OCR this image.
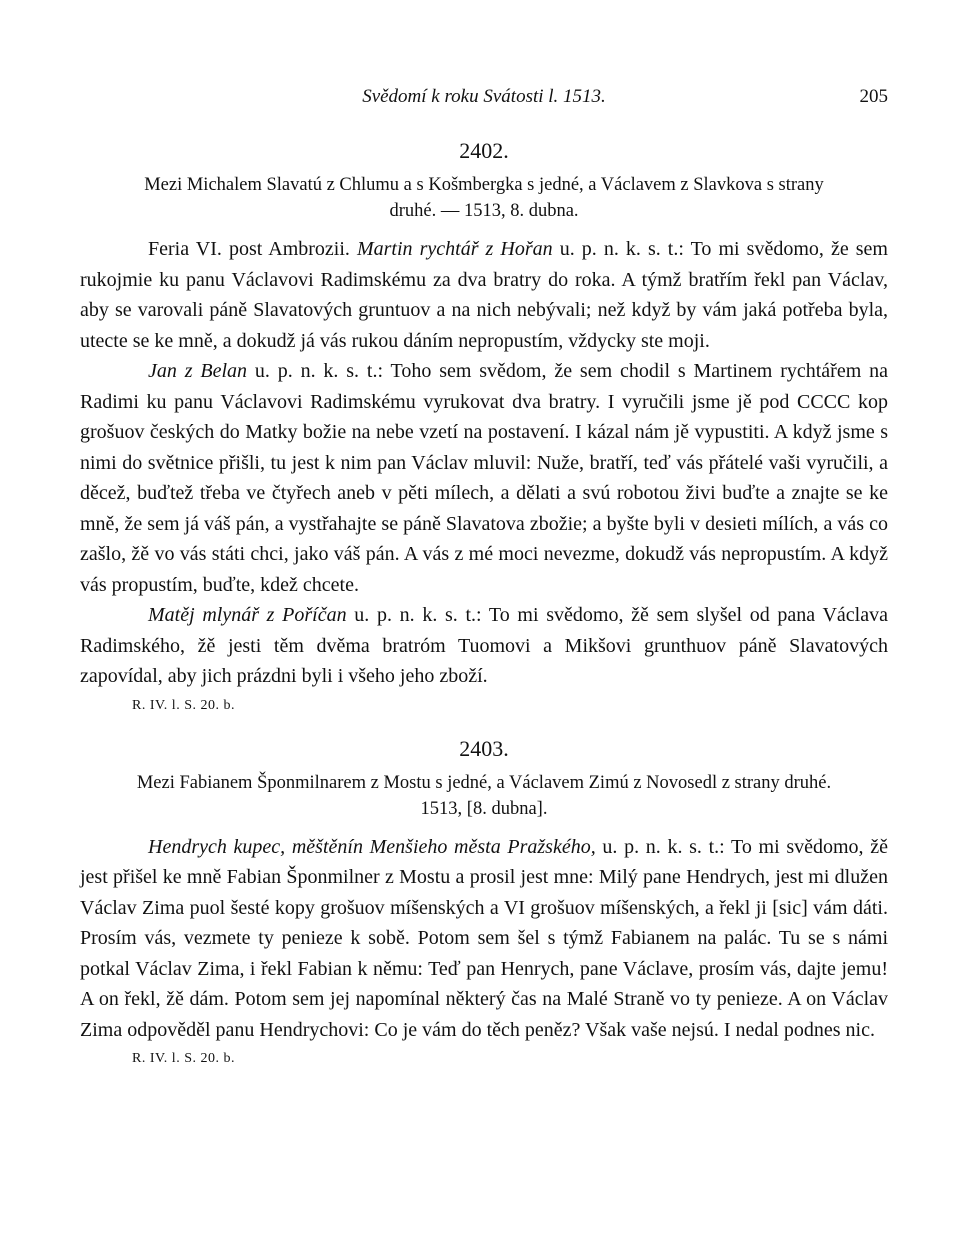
Svědomí k roku Svátosti l. 1513.	205
2402.
Mezi Michalem Slavatú z Chlumu a s Košmbergka s jedné, a Václavem z Slavkova s strany
druhé. — 1513, 8. dubna.

Feria VI. post Ambrozii. Martin rychtář z Hořan u. p. n. k. s. t.: To mi svědomo, že sem rukojmie ku panu Václavovi Radimskému za dva bratry do roka. A týmž bratřím řekl pan Václav, aby se varovali páně Slavatových gruntuov a na nich nebývali; než když by vám jaká potřeba byla, utecte se ke mně, a dokudž já vás rukou dáním nepropustím, vždycky ste moji.

Jan z Belan u. p. n. k. s. t.: Toho sem svědom, že sem chodil s Martinem rychtářem na Radimi ku panu Václavovi Radimskému vyrukovat dva bratry. I vyručili jsme jě pod CCCC kop grošuov českých do Matky božie na nebe vzetí na postavení. I kázal nám jě vypustiti. A když jsme s nimi do světnice přišli, tu jest k nim pan Václav mluvil: Nuže, bratří, teď vás přátelé vaši vyručili, a děcež, buďtež třeba ve čtyřech aneb v pěti mílech, a dělati a svú robotou živi buďte a znajte se ke mně, že sem já váš pán, a vystřahajte se páně Slavatova zbožie; a byšte byli v desieti mílích, a vás co zašlo, žě vo vás státi chci, jako váš pán. A vás z mé moci nevezme, dokudž vás nepropustím. A když vás propustím, buďte, kdež chcete.

Matěj mlynář z Poříčan u. p. n. k. s. t.: To mi svědomo, žě sem slyšel od pana Václava Radimského, žě jesti těm dvěma bratróm Tuomovi a Mikšovi grunthuov páně Slavatových zapovídal, aby jich prázdni byli i všeho jeho zboží.

R. IV. l. S. 20. b.
2403.
Mezi Fabianem Šponmilnarem z Mostu s jedné, a Václavem Zimú z Novosedl z strany druhé.
1513, [8. dubna].

Hendrych kupec, měštěnín Menšieho města Pražského, u. p. n. k. s. t.: To mi svědomo, žě jest přišel ke mně Fabian Šponmilner z Mostu a prosil jest mne: Milý pane Hendrych, jest mi dlužen Václav Zima puol šesté kopy grošuov míšenských a VI grošuov míšenských, a řekl ji [sic] vám dáti. Prosím vás, vezmete ty penieze k sobě. Potom sem šel s týmž Fabianem na palác. Tu se s námi potkal Václav Zima, i řekl Fabian k němu: Teď pan Henrych, pane Václave, prosím vás, dajte jemu! A on řekl, žě dám. Potom sem jej napomínal některý čas na Malé Straně vo ty penieze. A on Václav Zima odpověděl panu Hendrychovi: Co je vám do těch peněz? Však vaše nejsú. I nedal podnes nic.

R. IV. l. S. 20. b.
